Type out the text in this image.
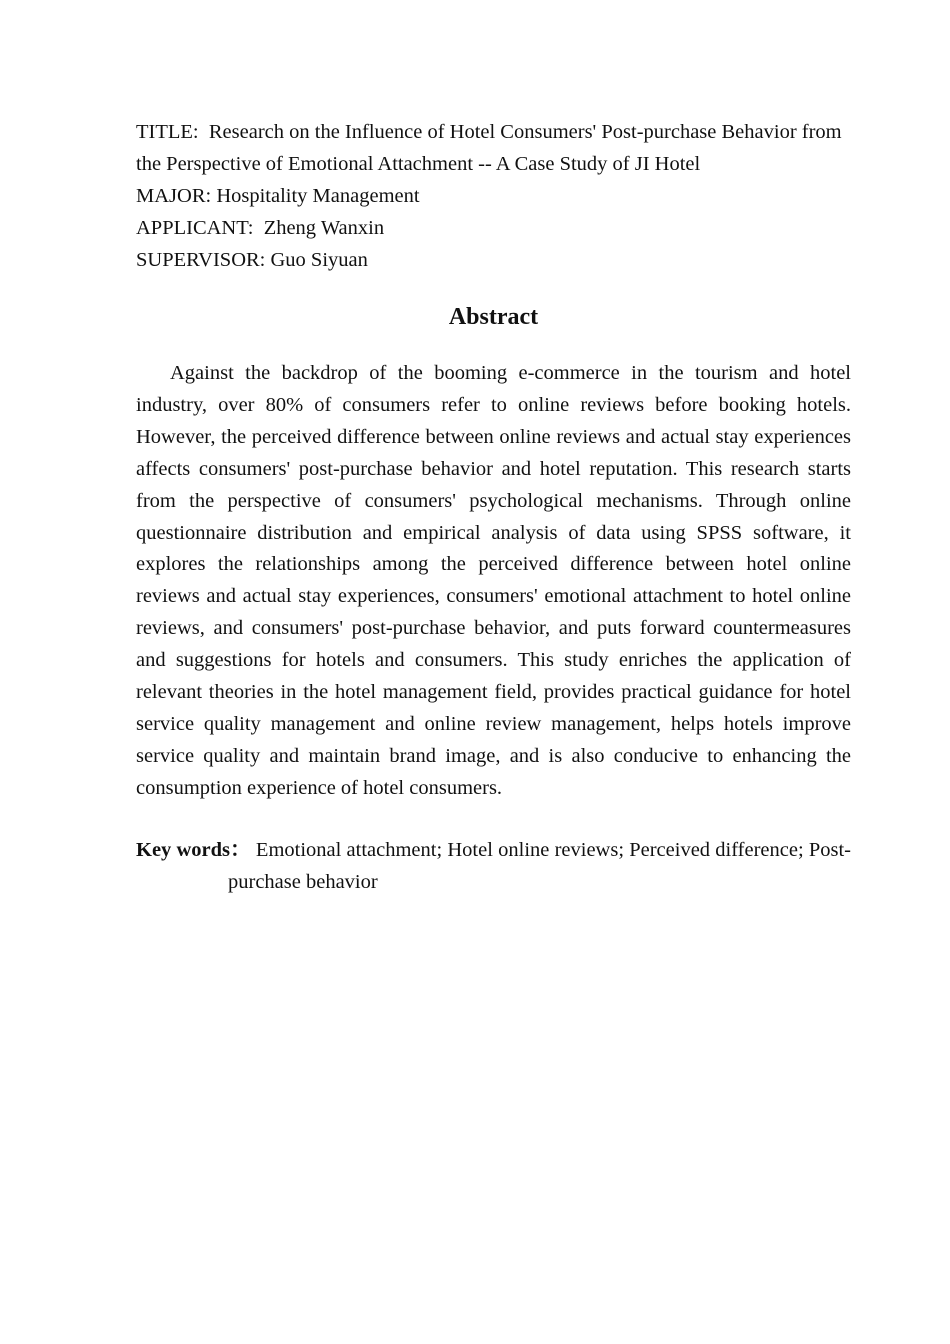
TITLE: Research on the Influence of Hotel Consumers' Post-purchase Behavior from the Perspective of Emotional Attachment -- A Case Study of JI Hotel

MAJOR: Hospitality Management

APPLICANT: Zheng Wanxin

SUPERVISOR: Guo Siyuan

Abstract

Against the backdrop of the booming e-commerce in the tourism and hotel industry, over 80% of consumers refer to online reviews before booking hotels. However, the perceived difference between online reviews and actual stay experiences affects consumers' post-purchase behavior and hotel reputation. This research starts from the perspective of consumers' psychological mechanisms. Through online questionnaire distribution and empirical analysis of data using SPSS software, it explores the relationships among the perceived difference between hotel online reviews and actual stay experiences, consumers' emotional attachment to hotel online reviews, and consumers' post-purchase behavior, and puts forward countermeasures and suggestions for hotels and consumers. This study enriches the application of relevant theories in the hotel management field, provides practical guidance for hotel service quality management and online review management, helps hotels improve service quality and maintain brand image, and is also conducive to enhancing the consumption experience of hotel consumers.

Key words： Emotional attachment; Hotel online reviews; Perceived difference; Post-purchase behavior
